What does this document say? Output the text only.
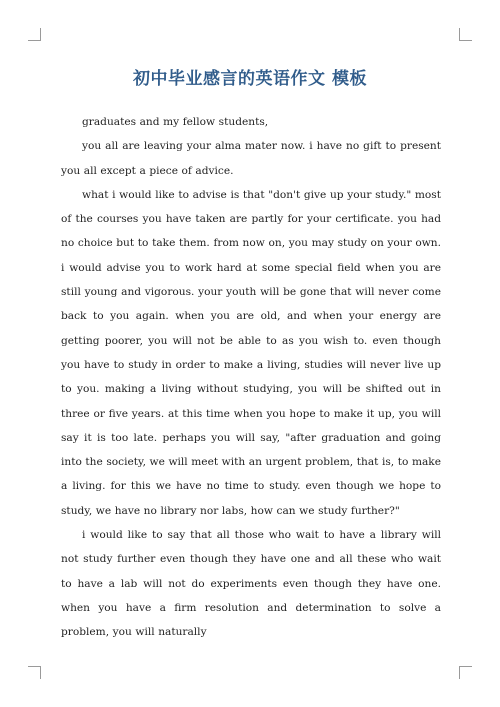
初中毕业感言的英语作文 模板

graduates and my fellow students,

you all are leaving your alma mater now. i have no gift to present you all except a piece of advice.

what i would like to advise is that "don't give up your study." most of the courses you have taken are partly for your certificate. you had no choice but to take them. from now on, you may study on your own. i would advise you to work hard at some special field when you are still young and vigorous. your youth will be gone that will never come back to you again. when you are old, and when your energy are getting poorer, you will not be able to as you wish to. even though you have to study in order to make a living, studies will never live up to you. making a living without studying, you will be shifted out in three or five years. at this time when you hope to make it up, you will say it is too late. perhaps you will say, "after graduation and going into the society, we will meet with an urgent problem, that is, to make a living. for this we have no time to study. even though we hope to study, we have no library nor labs, how can we study further?"

i would like to say that all those who wait to have a library will not study further even though they have one and all these who wait to have a lab will not do experiments even though they have one. when you have a firm resolution and determination to solve a problem, you will naturally
